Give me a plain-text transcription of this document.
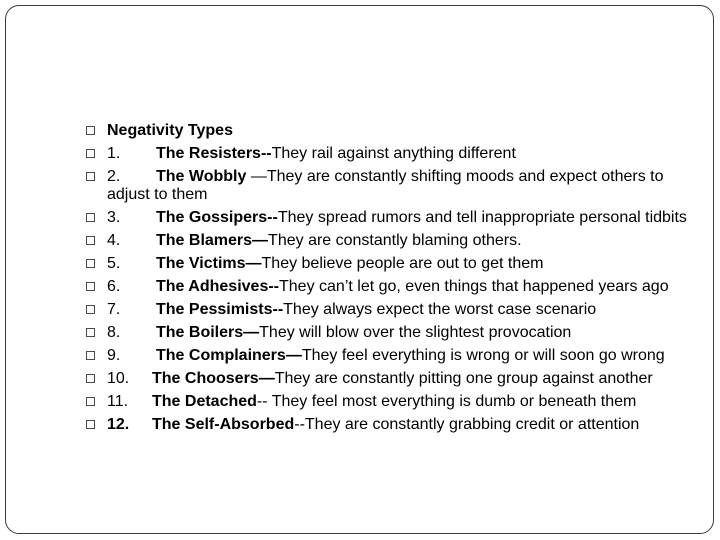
Negativity Types
1. The Resisters--They rail against anything different
2. The Wobbly —They are constantly shifting moods and expect others to adjust to them
3. The Gossipers--They spread rumors and tell inappropriate personal tidbits
4. The Blamers—They are constantly blaming others.
5. The Victims—They believe people are out to get them
6. The Adhesives--They can’t let go, even things that happened years ago
7. The Pessimists--They always expect the worst case scenario
8. The Boilers—They will blow over the slightest provocation
9. The Complainers—They feel everything is wrong or will soon go wrong
10. The Choosers—They are constantly pitting one group against another
11. The Detached-- They feel most everything is dumb or beneath them
12. The Self-Absorbed--They are constantly grabbing credit or attention
